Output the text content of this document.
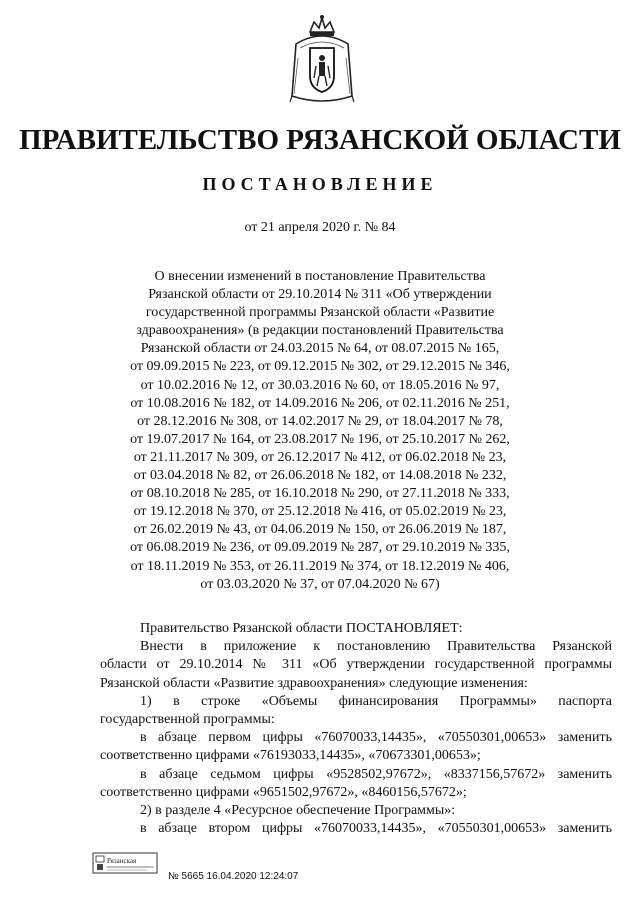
ПРАВИТЕЛЬСТВО РЯЗАНСКОЙ ОБЛАСТИ
ПОСТАНОВЛЕНИЕ
от 21 апреля 2020 г. № 84
О внесении изменений в постановление Правительства
Рязанской области от 29.10.2014 № 311 «Об утверждении
государственной программы Рязанской области «Развитие
здравоохранения» (в редакции постановлений Правительства
Рязанской области от 24.03.2015 № 64, от 08.07.2015 № 165,
от 09.09.2015 № 223, от 09.12.2015 № 302, от 29.12.2015 № 346,
от 10.02.2016 № 12, от 30.03.2016 № 60, от 18.05.2016 № 97,
от 10.08.2016 № 182, от 14.09.2016 № 206, от 02.11.2016 № 251,
от 28.12.2016 № 308, от 14.02.2017 № 29, от 18.04.2017 № 78,
от 19.07.2017 № 164, от 23.08.2017 № 196, от 25.10.2017 № 262,
от 21.11.2017 № 309, от 26.12.2017 № 412, от 06.02.2018 № 23,
от 03.04.2018 № 82, от 26.06.2018 № 182, от 14.08.2018 № 232,
от 08.10.2018 № 285, от 16.10.2018 № 290, от 27.11.2018 № 333,
от 19.12.2018 № 370, от 25.12.2018 № 416, от 05.02.2019 № 23,
от 26.02.2019 № 43, от 04.06.2019 № 150, от 26.06.2019 № 187,
от 06.08.2019 № 236, от 09.09.2019 № 287, от 29.10.2019 № 335,
от 18.11.2019 № 353, от 26.11.2019 № 374, от 18.12.2019 № 406,
от 03.03.2020 № 37, от 07.04.2020 № 67)
Правительство Рязанской области ПОСТАНОВЛЯЕТ:
Внести в приложение к постановлению Правительства Рязанской
области от 29.10.2014 № 311 «Об утверждении государственной программы
Рязанской области «Развитие здравоохранения» следующие изменения:
1) в строке «Объемы финансирования Программы» паспорта
государственной программы:
в абзаце первом цифры «76070033,14435», «70550301,00653» заменить
соответственно цифрами «76193033,14435», «70673301,00653»;
в абзаце седьмом цифры «9528502,97672», «8337156,57672» заменить
соответственно цифрами «9651502,97672», «8460156,57672»;
2) в разделе 4 «Ресурсное обеспечение Программы»:
в абзаце втором цифры «76070033,14435», «70550301,00653» заменить
Рязанская
№ 5665 16.04.2020 12:24:07
